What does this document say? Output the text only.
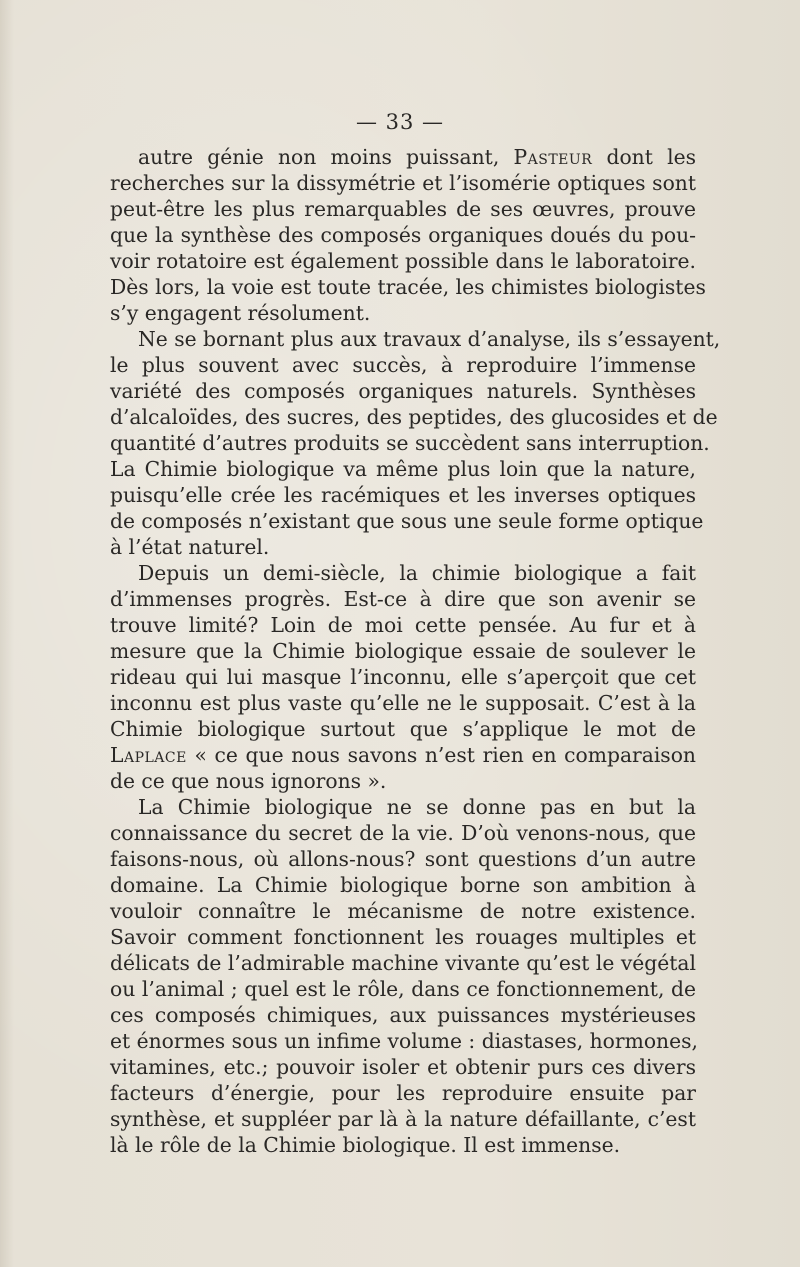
— 33 —
autre génie non moins puissant, Pasteur dont les
recherches sur la dissymétrie et l’isomérie optiques sont
peut-être les plus remarquables de ses œuvres, prouve
que la synthèse des composés organiques doués du pou-
voir rotatoire est également possible dans le laboratoire.
Dès lors, la voie est toute tracée, les chimistes biologistes
s’y engagent résolument.
Ne se bornant plus aux travaux d’analyse, ils s’essayent,
le plus souvent avec succès, à reproduire l’immense
variété des composés organiques naturels. Synthèses
d’alcaloïdes, des sucres, des peptides, des glucosides et de
quantité d’autres produits se succèdent sans interruption.
La Chimie biologique va même plus loin que la nature,
puisqu’elle crée les racémiques et les inverses optiques
de composés n’existant que sous une seule forme optique
à l’état naturel.
Depuis un demi-siècle, la chimie biologique a fait
d’immenses progrès. Est-ce à dire que son avenir se
trouve limité? Loin de moi cette pensée. Au fur et à
mesure que la Chimie biologique essaie de soulever le
rideau qui lui masque l’inconnu, elle s’aperçoit que cet
inconnu est plus vaste qu’elle ne le supposait. C’est à la
Chimie biologique surtout que s’applique le mot de
Laplace « ce que nous savons n’est rien en comparaison
de ce que nous ignorons ».
La Chimie biologique ne se donne pas en but la
connaissance du secret de la vie. D’où venons-nous, que
faisons-nous, où allons-nous? sont questions d’un autre
domaine. La Chimie biologique borne son ambition à
vouloir connaître le mécanisme de notre existence.
Savoir comment fonctionnent les rouages multiples et
délicats de l’admirable machine vivante qu’est le végétal
ou l’animal ; quel est le rôle, dans ce fonctionnement, de
ces composés chimiques, aux puissances mystérieuses
et énormes sous un infime volume : diastases, hormones,
vitamines, etc.; pouvoir isoler et obtenir purs ces divers
facteurs d’énergie, pour les reproduire ensuite par
synthèse, et suppléer par là à la nature défaillante, c’est
là le rôle de la Chimie biologique. Il est immense.
